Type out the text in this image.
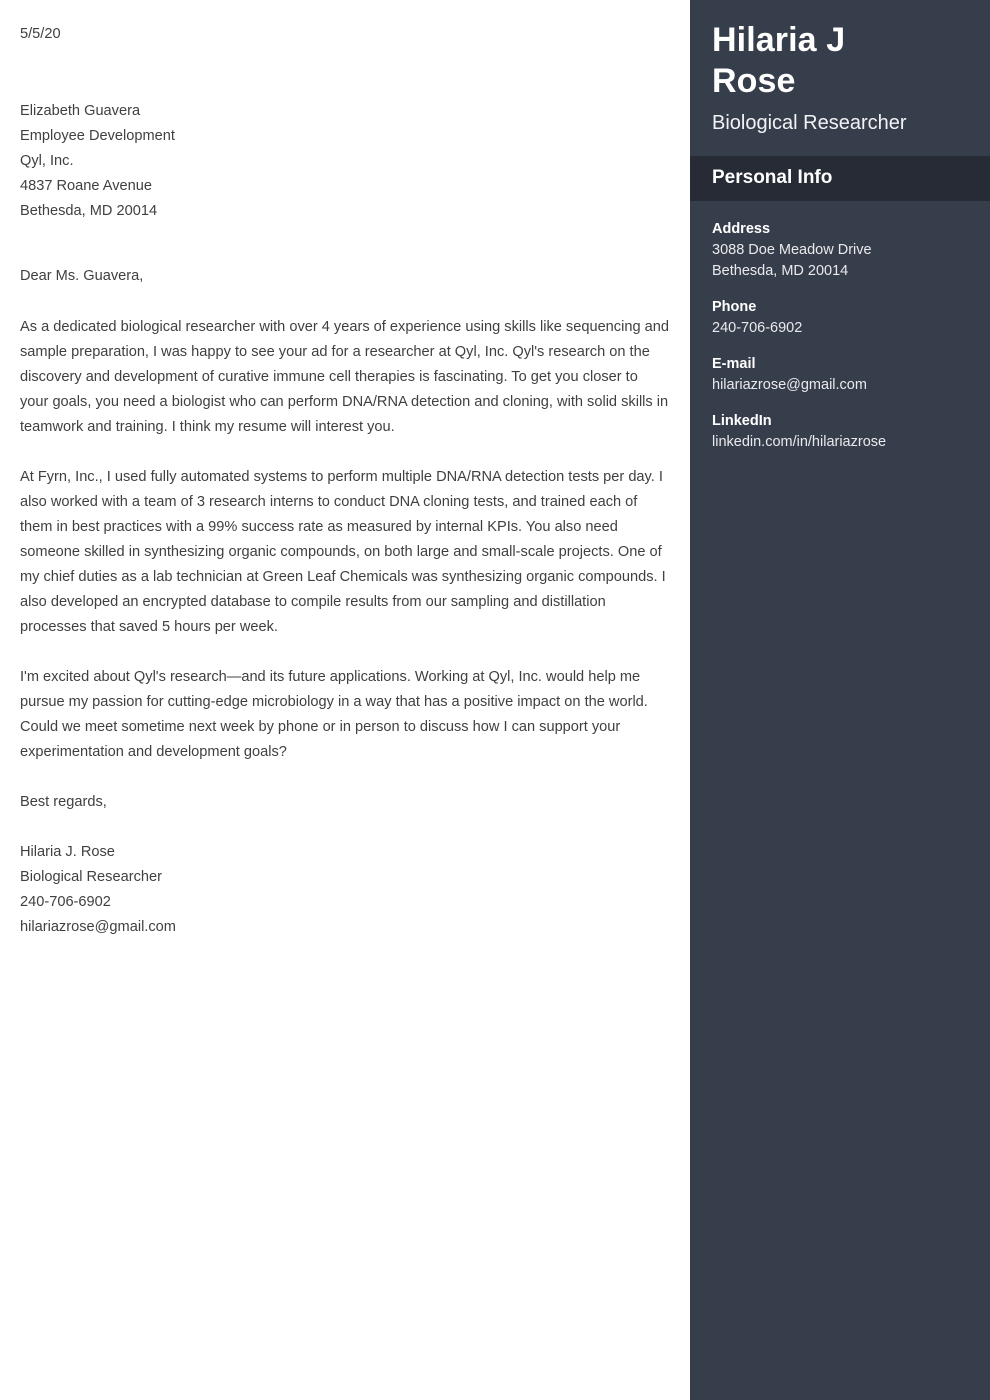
5/5/20
Elizabeth Guavera
Employee Development
Qyl, Inc.
4837 Roane Avenue
Bethesda, MD 20014
Dear Ms. Guavera,

As a dedicated biological researcher with over 4 years of experience using skills like sequencing and sample preparation, I was happy to see your ad for a researcher at Qyl, Inc. Qyl's research on the discovery and development of curative immune cell therapies is fascinating. To get you closer to your goals, you need a biologist who can perform DNA/RNA detection and cloning, with solid skills in teamwork and training. I think my resume will interest you.

At Fyrn, Inc., I used fully automated systems to perform multiple DNA/RNA detection tests per day. I also worked with a team of 3 research interns to conduct DNA cloning tests, and trained each of them in best practices with a 99% success rate as measured by internal KPIs. You also need someone skilled in synthesizing organic compounds, on both large and small-scale projects. One of my chief duties as a lab technician at Green Leaf Chemicals was synthesizing organic compounds. I also developed an encrypted database to compile results from our sampling and distillation processes that saved 5 hours per week.

I'm excited about Qyl's research—and its future applications. Working at Qyl, Inc. would help me pursue my passion for cutting-edge microbiology in a way that has a positive impact on the world. Could we meet sometime next week by phone or in person to discuss how I can support your experimentation and development goals?

Best regards,
Hilaria J. Rose
Biological Researcher
240-706-6902
hilariazrose@gmail.com
Hilaria J Rose
Biological Researcher
Personal Info
Address
3088 Doe Meadow Drive
Bethesda, MD 20014
Phone
240-706-6902
E-mail
hilariazrose@gmail.com
LinkedIn
linkedin.com/in/hilariazrose
